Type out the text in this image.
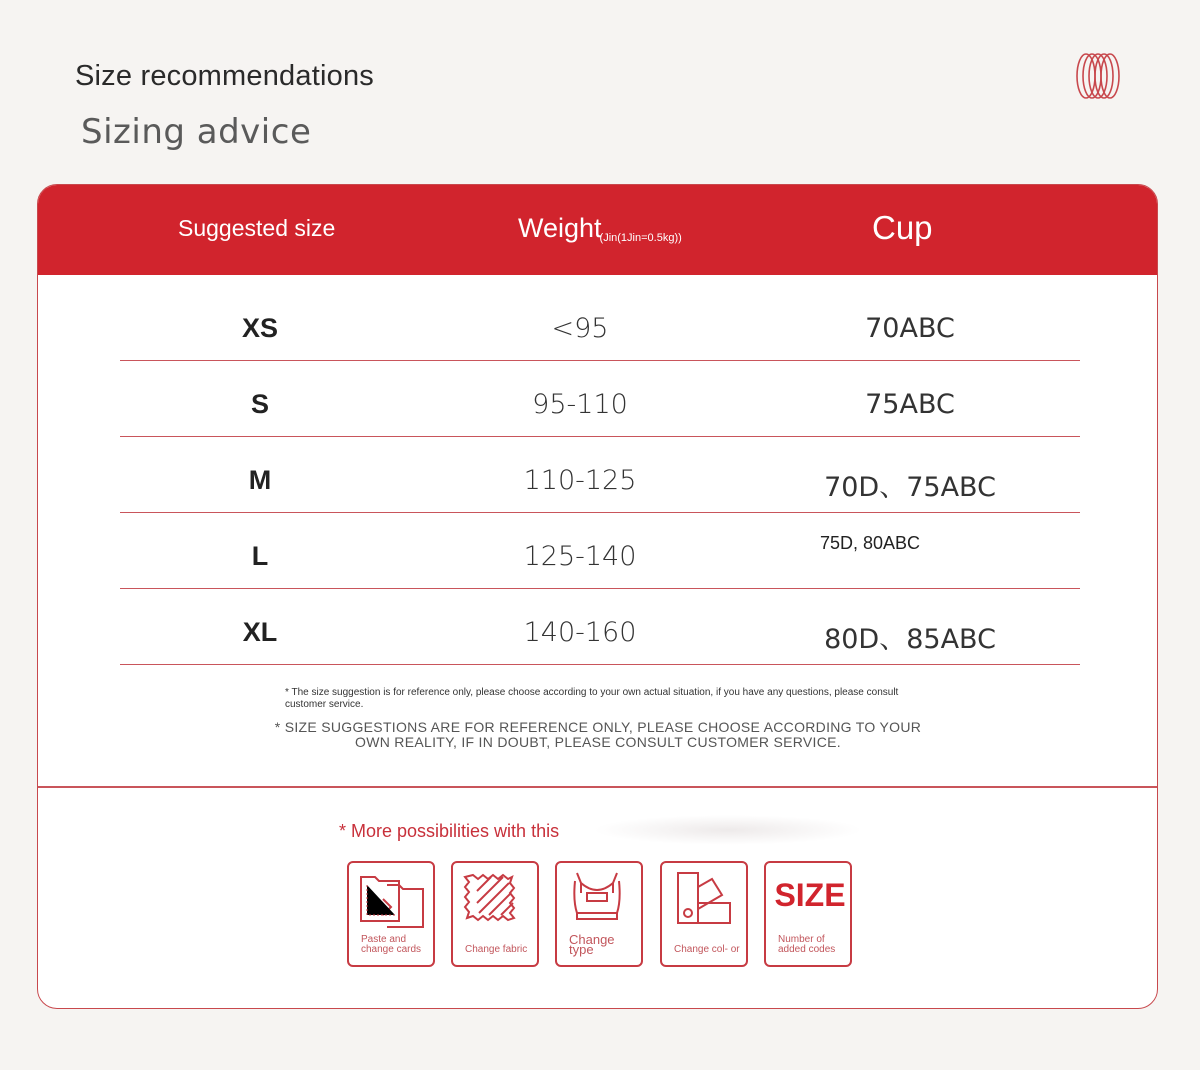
Size recommendations
Sizing advice
Suggested size	Weight(Jin(1Jin=0.5kg))	Cup
XS	<95	70ABC
S	95-110	75ABC
M	110-125	70D、75ABC
L	125-140	75D, 80ABC
XL	140-160	80D、85ABC
* The size suggestion is for reference only, please choose according to your own actual situation, if you have any questions, please consult customer service.
* SIZE SUGGESTIONS ARE FOR REFERENCE ONLY, PLEASE CHOOSE ACCORDING TO YOUR OWN REALITY, IF IN DOUBT, PLEASE CONSULT CUSTOMER SERVICE.
* More possibilities with this
Paste and change cards	Change fabric
Change type	Change col- or
SIZE
Number of added codes
